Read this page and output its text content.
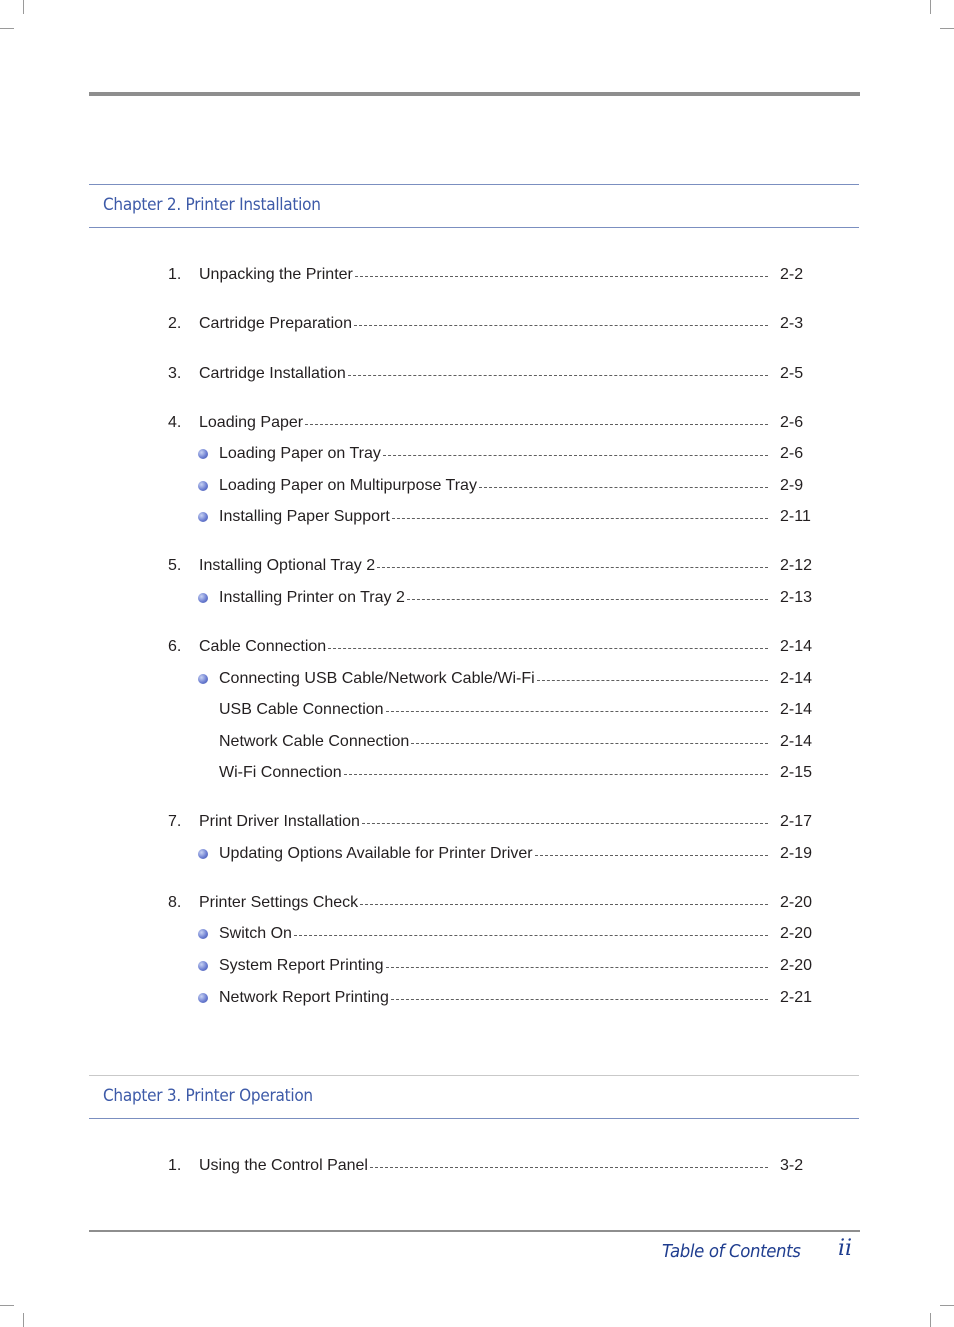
Chapter 2. Printer Installation
1.	Unpacking the Printer	2-2
2.	Cartridge Preparation	2-3
3.	Cartridge Installation	2-5
4.	Loading Paper	2-6
Loading Paper on Tray	2-6
Loading Paper on Multipurpose Tray	2-9
Installing Paper Support	2-11
5.	Installing Optional Tray 2	2-12
Installing Printer on Tray 2	2-13
6.	Cable Connection	2-14
Connecting USB Cable/Network Cable/Wi-Fi	2-14
USB Cable Connection	2-14
Network Cable Connection	2-14
Wi-Fi Connection	2-15
7.	Print Driver Installation	2-17
Updating Options Available for Printer Driver	2-19
8.	Printer Settings Check	2-20
Switch On	2-20
System Report Printing	2-20
Network Report Printing	2-21
Chapter 3. Printer Operation
1.	Using the Control Panel	3-2
Table of Contents ii
